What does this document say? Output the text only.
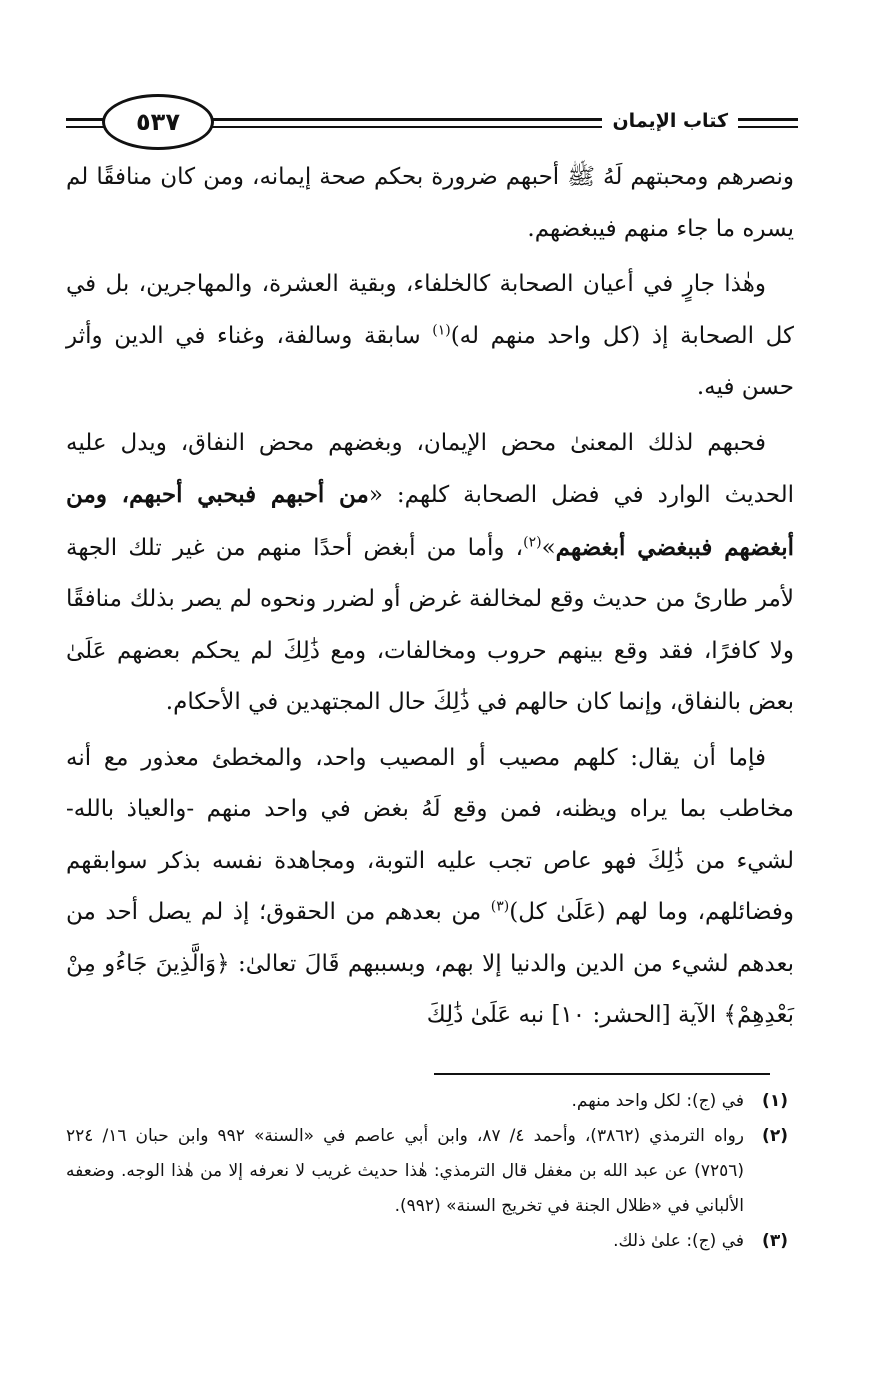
٥٣٧	كتاب الإيمان

ونصرهم ومحبتهم لَهُ ﷺ أحبهم ضرورة بحكم صحة إيمانه، ومن كان منافقًا لم يسره ما جاء منهم فيبغضهم.

وهٰذا جارٍ في أعيان الصحابة كالخلفاء، وبقية العشرة، والمهاجرين، بل في كل الصحابة إذ (كل واحد منهم له)$^{(١)}$ سابقة وسالفة، وغناء في الدين وأثر حسن فيه.

فحبهم لذلك المعنىٰ محض الإيمان، وبغضهم محض النفاق، ويدل عليه الحديث الوارد في فضل الصحابة كلهم: «من أحبهم فبحبي أحبهم، ومن أبغضهم فببغضي أبغضهم»$^{(٢)}$، وأما من أبغض أحدًا منهم من غير تلك الجهة لأمر طارئ من حديث وقع لمخالفة غرض أو لضرر ونحوه لم يصر بذلك منافقًا ولا كافرًا، فقد وقع بينهم حروب ومخالفات، ومع ذَٰلِكَ لم يحكم بعضهم عَلَىٰ بعض بالنفاق، وإنما كان حالهم في ذَٰلِكَ حال المجتهدين في الأحكام.

فإما أن يقال: كلهم مصيب أو المصيب واحد، والمخطئ معذور مع أنه مخاطب بما يراه ويظنه، فمن وقع لَهُ بغض في واحد منهم -والعياذ بالله- لشيء من ذَٰلِكَ فهو عاص تجب عليه التوبة، ومجاهدة نفسه بذكر سوابقهم وفضائلهم، وما لهم (عَلَىٰ كل)$^{(٣)}$ من بعدهم من الحقوق؛ إذ لم يصل أحد من بعدهم لشيء من الدين والدنيا إلا بهم، وبسببهم قَالَ تعالىٰ: ﴿وَالَّذِينَ جَاءُو مِنْ بَعْدِهِمْ﴾ الآية [الحشر: ١٠] نبه عَلَىٰ ذَٰلِكَ

(١)
في (ج): لكل واحد منهم.
(٢)
رواه الترمذي (٣٨٦٢)، وأحمد ٤/ ٨٧، وابن أبي عاصم في «السنة» ٩٩٢ وابن حبان ١٦/ ٢٢٤ (٧٢٥٦) عن عبد الله بن مغفل قال الترمذي: هٰذا حديث غريب لا نعرفه إلا من هٰذا الوجه. وضعفه الألباني في «ظلال الجنة في تخريج السنة» (٩٩٢).
(٣)
في (ج): علىٰ ذلك.
